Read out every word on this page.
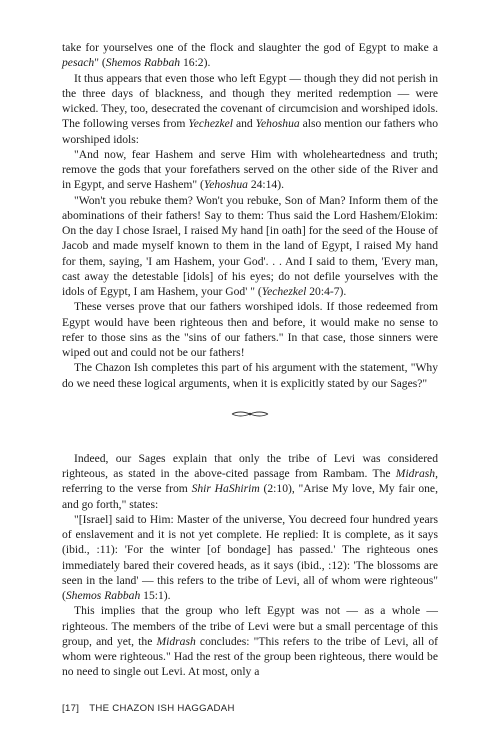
take for yourselves one of the flock and slaughter the god of Egypt to make a pesach" (Shemos Rabbah 16:2).

It thus appears that even those who left Egypt — though they did not perish in the three days of blackness, and though they merited redemption — were wicked. They, too, desecrated the covenant of circumcision and worshiped idols. The following verses from Yechezkel and Yehoshua also mention our fathers who worshiped idols:

"And now, fear Hashem and serve Him with wholeheartedness and truth; remove the gods that your forefathers served on the other side of the River and in Egypt, and serve Hashem" (Yehoshua 24:14).

"Won't you rebuke them? Won't you rebuke, Son of Man? Inform them of the abominations of their fathers! Say to them: Thus said the Lord Hashem/Elokim: On the day I chose Israel, I raised My hand [in oath] for the seed of the House of Jacob and made myself known to them in the land of Egypt, I raised My hand for them, saying, 'I am Hashem, your God'. . . And I said to them, 'Every man, cast away the detestable [idols] of his eyes; do not defile yourselves with the idols of Egypt, I am Hashem, your God' " (Yechezkel 20:4-7).

These verses prove that our fathers worshiped idols. If those redeemed from Egypt would have been righteous then and before, it would make no sense to refer to those sins as the "sins of our fathers." In that case, those sinners were wiped out and could not be our fathers!

The Chazon Ish completes this part of his argument with the statement, "Why do we need these logical arguments, when it is explicitly stated by our Sages?"

Indeed, our Sages explain that only the tribe of Levi was considered righteous, as stated in the above-cited passage from Rambam. The Midrash, referring to the verse from Shir HaShirim (2:10), "Arise My love, My fair one, and go forth," states:

"[Israel] said to Him: Master of the universe, You decreed four hundred years of enslavement and it is not yet complete. He replied: It is complete, as it says (ibid., :11): 'For the winter [of bondage] has passed.' The righteous ones immediately bared their covered heads, as it says (ibid., :12): 'The blossoms are seen in the land' — this refers to the tribe of Levi, all of whom were righteous" (Shemos Rabbah 15:1).

This implies that the group who left Egypt was not — as a whole — righteous. The members of the tribe of Levi were but a small percentage of this group, and yet, the Midrash concludes: "This refers to the tribe of Levi, all of whom were righteous." Had the rest of the group been righteous, there would be no need to single out Levi. At most, only a

[17] THE CHAZON ISH HAGGADAH
